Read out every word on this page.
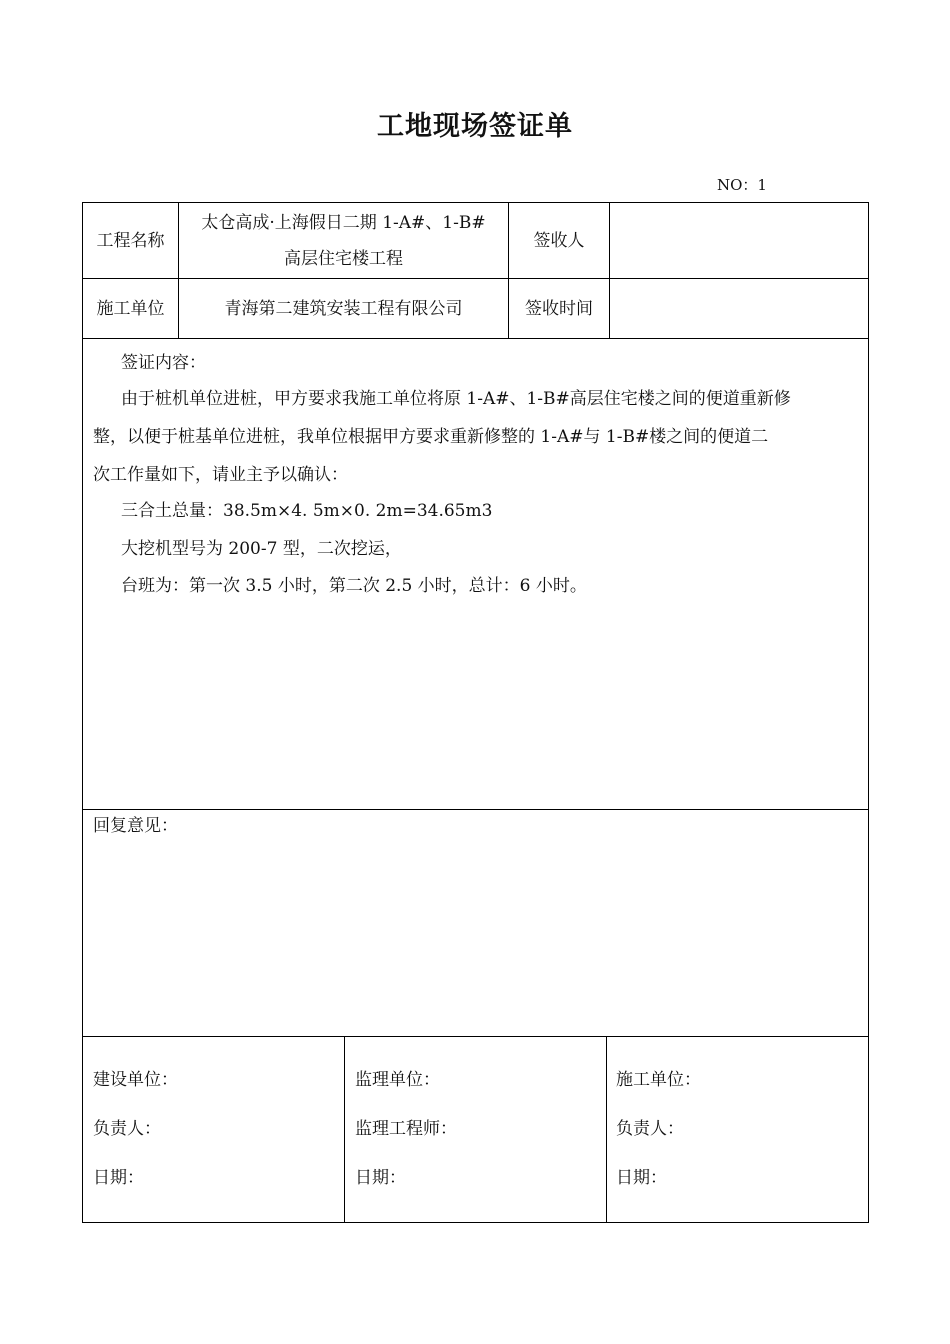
工地现场签证单
NO：1
工程名称
太仓高成·上海假日二期 1-A#、1-B#
高层住宅楼工程
签收人
施工单位	青海第二建筑安装工程有限公司	签收时间
签证内容：
由于桩机单位进桩，甲方要求我施工单位将原 1-A#、1-B#高层住宅楼之间的便道重新修
整，以便于桩基单位进桩，我单位根据甲方要求重新修整的 1-A#与 1-B#楼之间的便道二
次工作量如下，请业主予以确认：
三合土总量：38.5m×4. 5m×0. 2m=34.65m3
大挖机型号为 200-7 型，二次挖运，
台班为：第一次 3.5 小时，第二次 2.5 小时，总计：6 小时。
回复意见：
建设单位：
负责人：
日期：
监理单位：
监理工程师：
日期：
施工单位：
负责人：
日期：
